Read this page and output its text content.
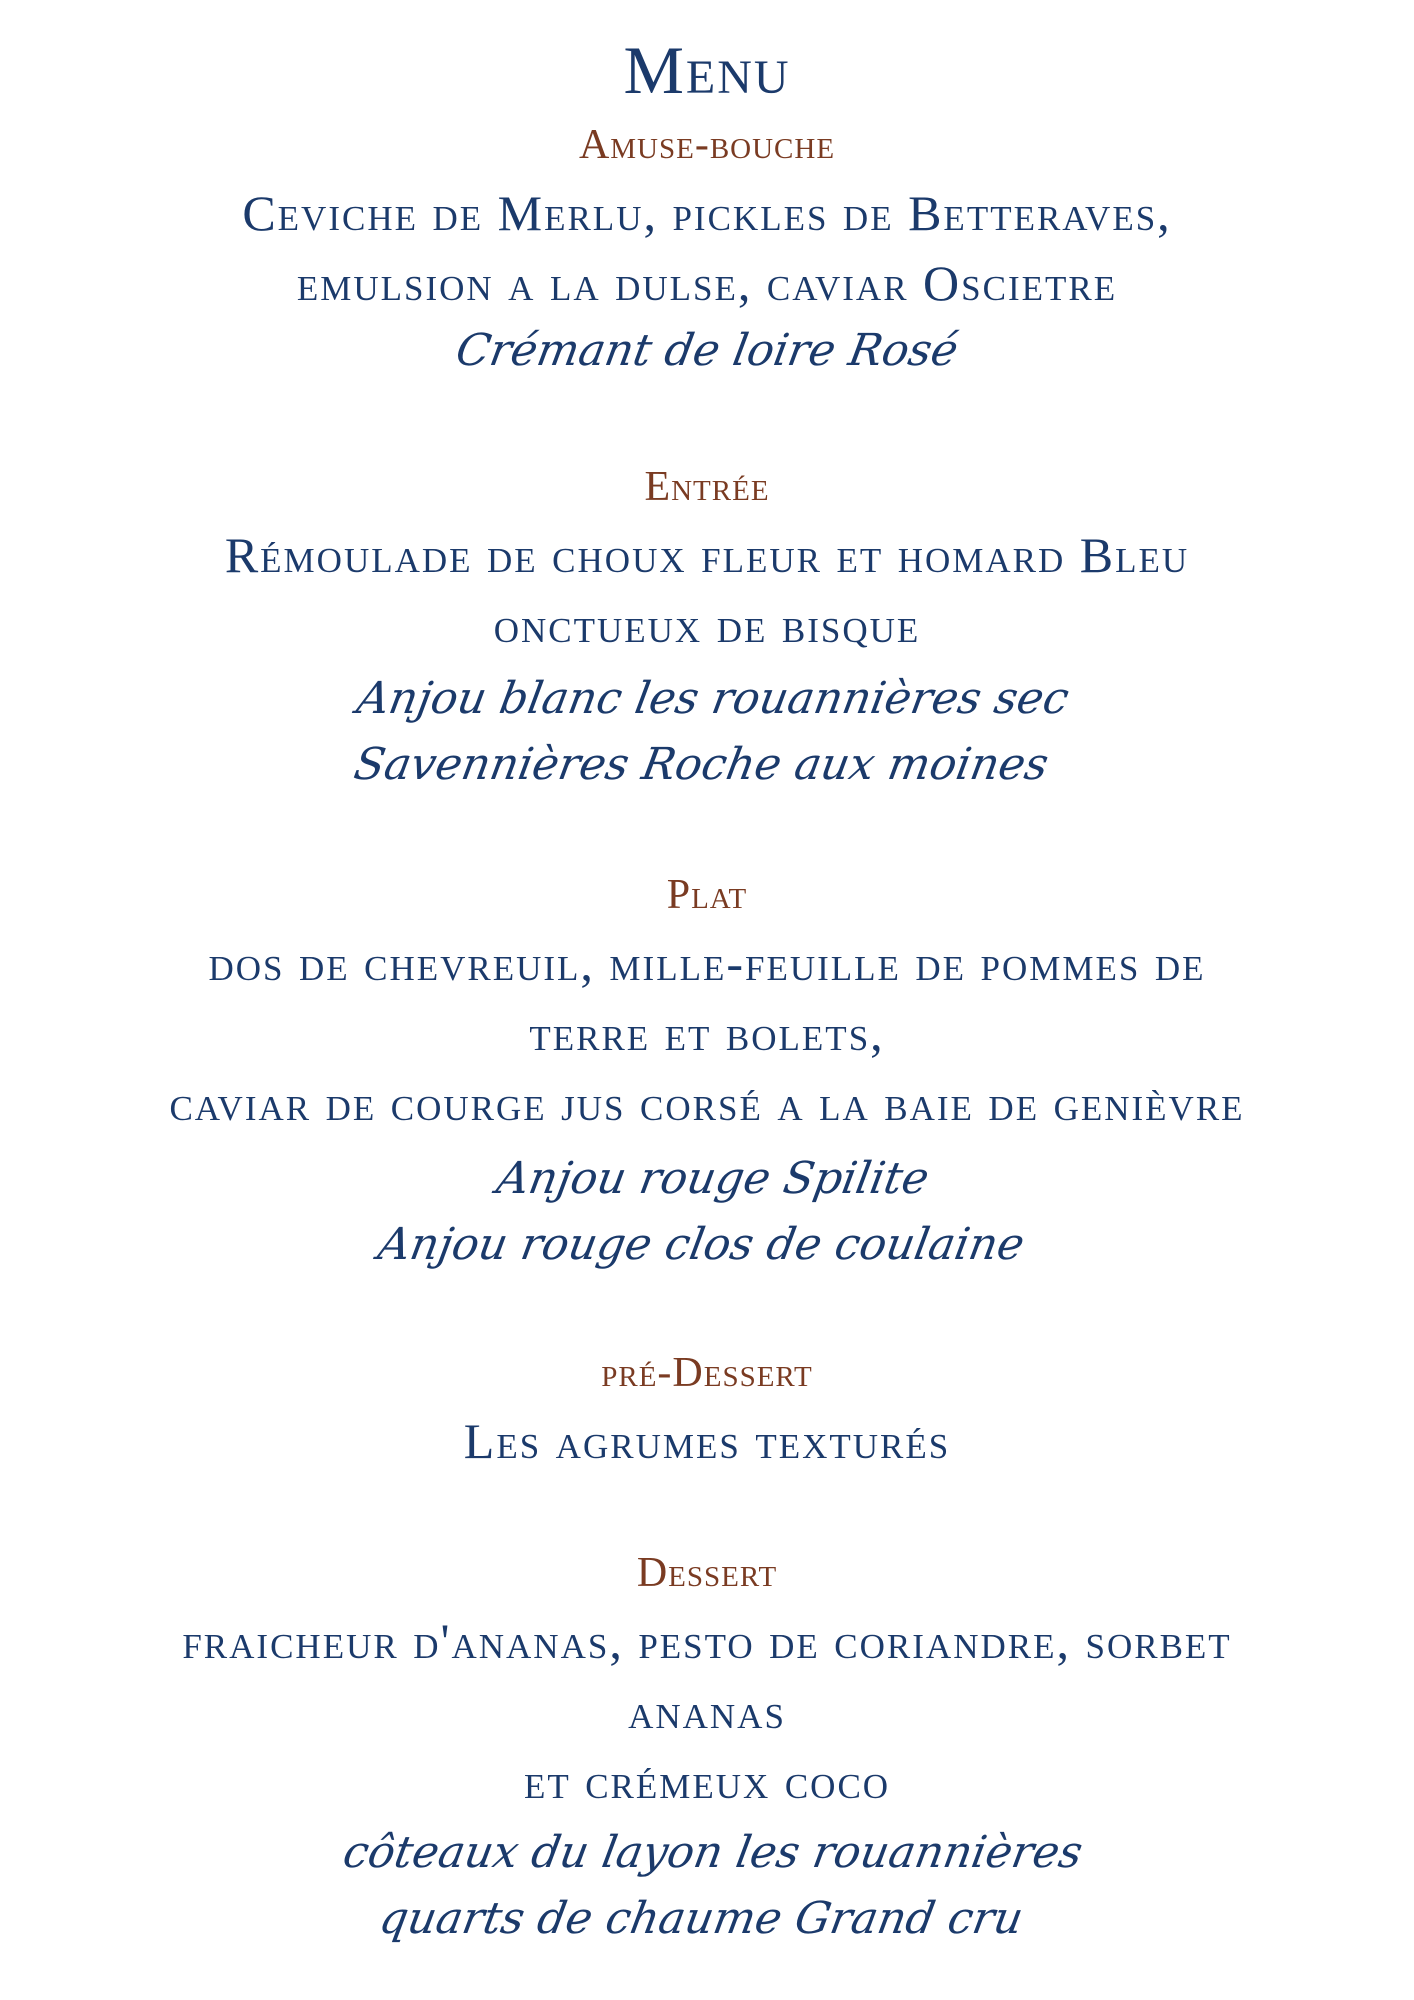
Menu
Amuse-bouche
Ceviche de Merlu, pickles de Betteraves,
emulsion a la dulse, caviar Oscietre
Crémant de loire Rosé
Entrée
Rémoulade de choux fleur et homard Bleu
onctueux de bisque
Anjou blanc les rouannières sec
Savennières Roche aux moines
Plat
dos de chevreuil, mille-feuille de pommes de
terre et bolets,
caviar de courge jus corsé a la baie de genièvre
Anjou rouge Spilite
Anjou rouge clos de coulaine
pré-Dessert
Les agrumes texturés
Dessert
fraicheur d'ananas, pesto de coriandre, sorbet
ananas
et crémeux coco
côteaux du layon les rouannières
quarts de chaume Grand cru
